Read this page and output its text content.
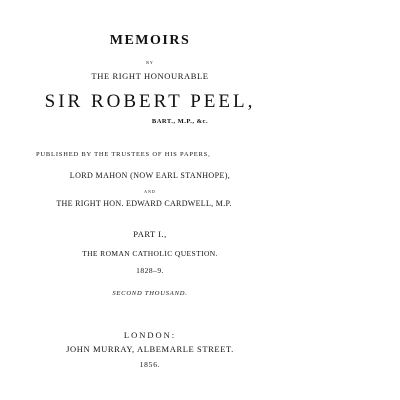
MEMOIRS
BY
THE RIGHT HONOURABLE
SIR ROBERT PEEL,
BART., M.P., &c.
PUBLISHED BY THE TRUSTEES OF HIS PAPERS,
LORD MAHON (NOW EARL STANHOPE),
AND
THE RIGHT HON. EDWARD CARDWELL, M.P.
PART I.,
THE ROMAN CATHOLIC QUESTION.
1828–9.
SECOND THOUSAND.
LONDON:
JOHN MURRAY, ALBEMARLE STREET.
1856.
